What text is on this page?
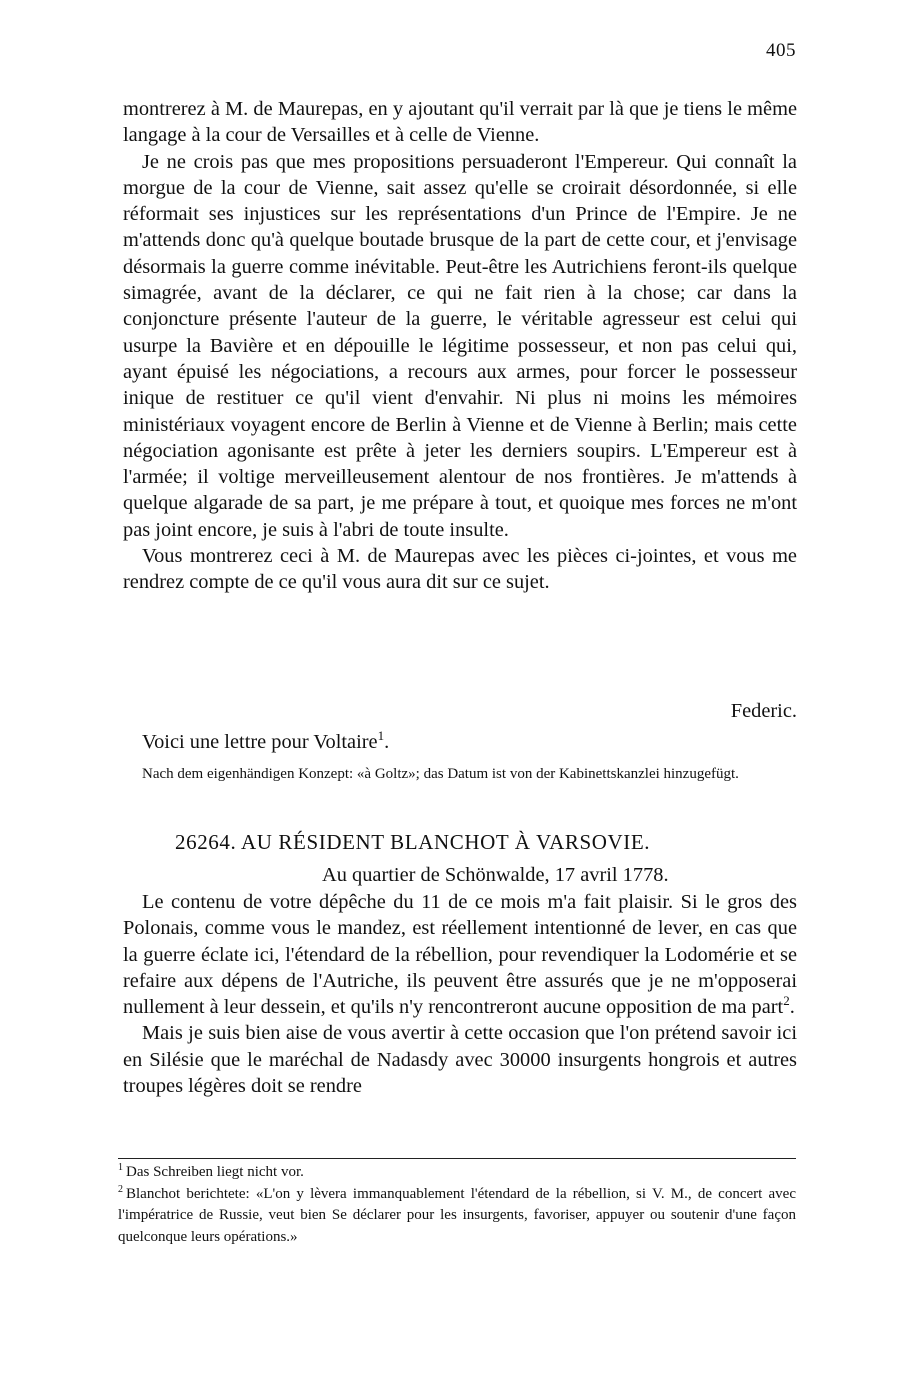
405

montrerez à M. de Maurepas, en y ajoutant qu'il verrait par là que je tiens le même langage à la cour de Versailles et à celle de Vienne.

Je ne crois pas que mes propositions persuaderont l'Empereur. Qui connaît la morgue de la cour de Vienne, sait assez qu'elle se croirait désordonnée, si elle réformait ses injustices sur les représentations d'un Prince de l'Empire. Je ne m'attends donc qu'à quelque boutade brusque de la part de cette cour, et j'envisage désormais la guerre comme inévitable. Peut-être les Autrichiens feront-ils quelque simagrée, avant de la déclarer, ce qui ne fait rien à la chose; car dans la conjoncture présente l'auteur de la guerre, le véritable agresseur est celui qui usurpe la Bavière et en dépouille le légitime possesseur, et non pas celui qui, ayant épuisé les négociations, a recours aux armes, pour forcer le possesseur inique de restituer ce qu'il vient d'envahir. Ni plus ni moins les mémoires ministériaux voyagent encore de Berlin à Vienne et de Vienne à Berlin; mais cette négociation agonisante est prête à jeter les derniers soupirs. L'Empereur est à l'armée; il voltige merveilleusement alentour de nos frontières. Je m'attends à quelque algarade de sa part, je me prépare à tout, et quoique mes forces ne m'ont pas joint encore, je suis à l'abri de toute insulte.

Vous montrerez ceci à M. de Maurepas avec les pièces ci-jointes, et vous me rendrez compte de ce qu'il vous aura dit sur ce sujet.

Federic.
Voici une lettre pour Voltaire$^1$.

Nach dem eigenhändigen Konzept: «à Goltz»; das Datum ist von der Kabinettskanzlei hinzugefügt.

26264. AU RÉSIDENT BLANCHOT À VARSOVIE.
Au quartier de Schönwalde, 17 avril 1778.

Le contenu de votre dépêche du 11 de ce mois m'a fait plaisir. Si le gros des Polonais, comme vous le mandez, est réellement intentionné de lever, en cas que la guerre éclate ici, l'étendard de la rébellion, pour revendiquer la Lodomérie et se refaire aux dépens de l'Autriche, ils peuvent être assurés que je ne m'opposerai nullement à leur dessein, et qu'ils n'y rencontreront aucune opposition de ma part$^2$.

Mais je suis bien aise de vous avertir à cette occasion que l'on prétend savoir ici en Silésie que le maréchal de Nadasdy avec 30000 insurgents hongrois et autres troupes légères doit se rendre

$^1$ Das Schreiben liegt nicht vor.

$^2$ Blanchot berichtete: «L'on y lèvera immanquablement l'étendard de la rébellion, si V. M., de concert avec l'impératrice de Russie, veut bien Se déclarer pour les insurgents, favoriser, appuyer ou soutenir d'une façon quelconque leurs opérations.»
